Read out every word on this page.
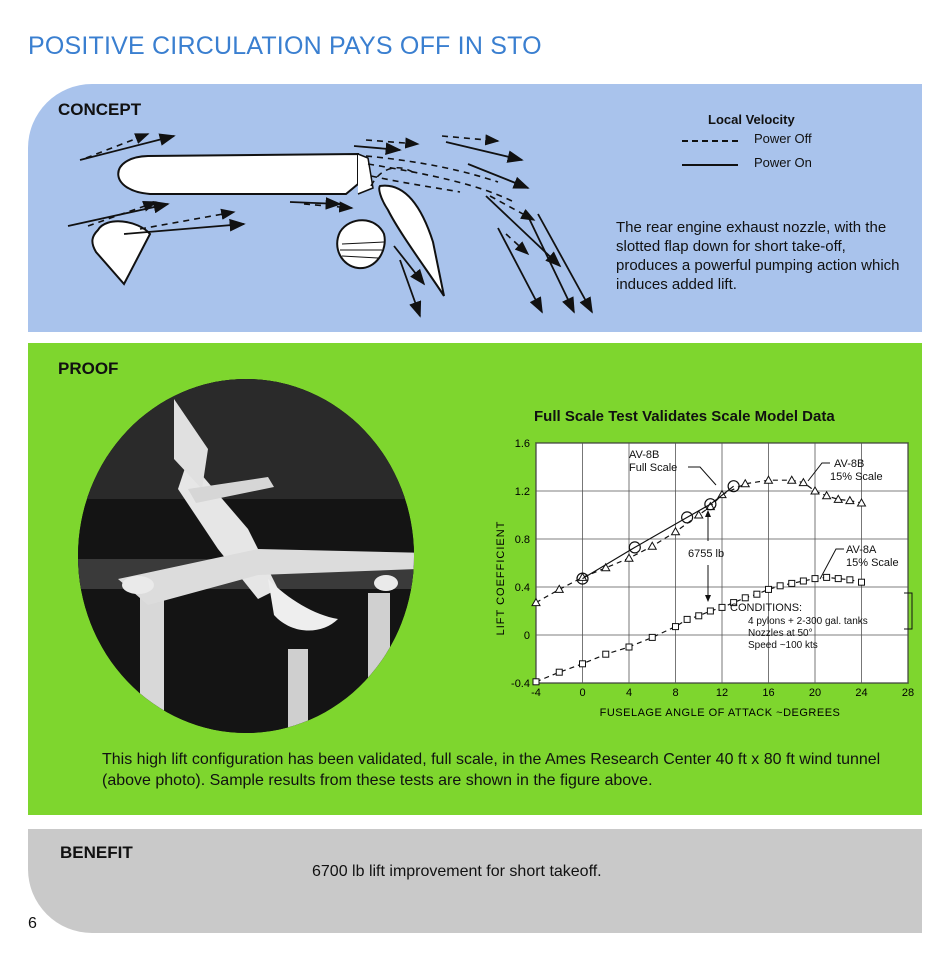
POSITIVE CIRCULATION PAYS OFF IN STO
CONCEPT
Local Velocity
Power Off
Power On
The rear engine exhaust nozzle, with the slotted flap down for short take-off, produces a powerful pumping action which induces added lift.
PROOF
Full Scale Test Validates Scale Model Data
-4	0	4	8	12	16	20	24	28
-0.4
0
0.4
0.8
1.2
1.6
FUSELAGE ANGLE OF ATTACK ~DEGREES
LIFT COEFFICIENT
AV-8B
Full Scale	AV-8B
15% Scale
AV-8A
15% Scale
6755 lb
CONDITIONS:
4 pylons + 2-300 gal. tanks
Nozzles at 50°
Speed ~100 kts
This high lift configuration has been validated, full scale, in the Ames Research Center 40 ft x 80 ft wind tunnel (above photo). Sample results from these tests are shown in the figure above.
BENEFIT
6700 lb lift improvement for short takeoff.
6
